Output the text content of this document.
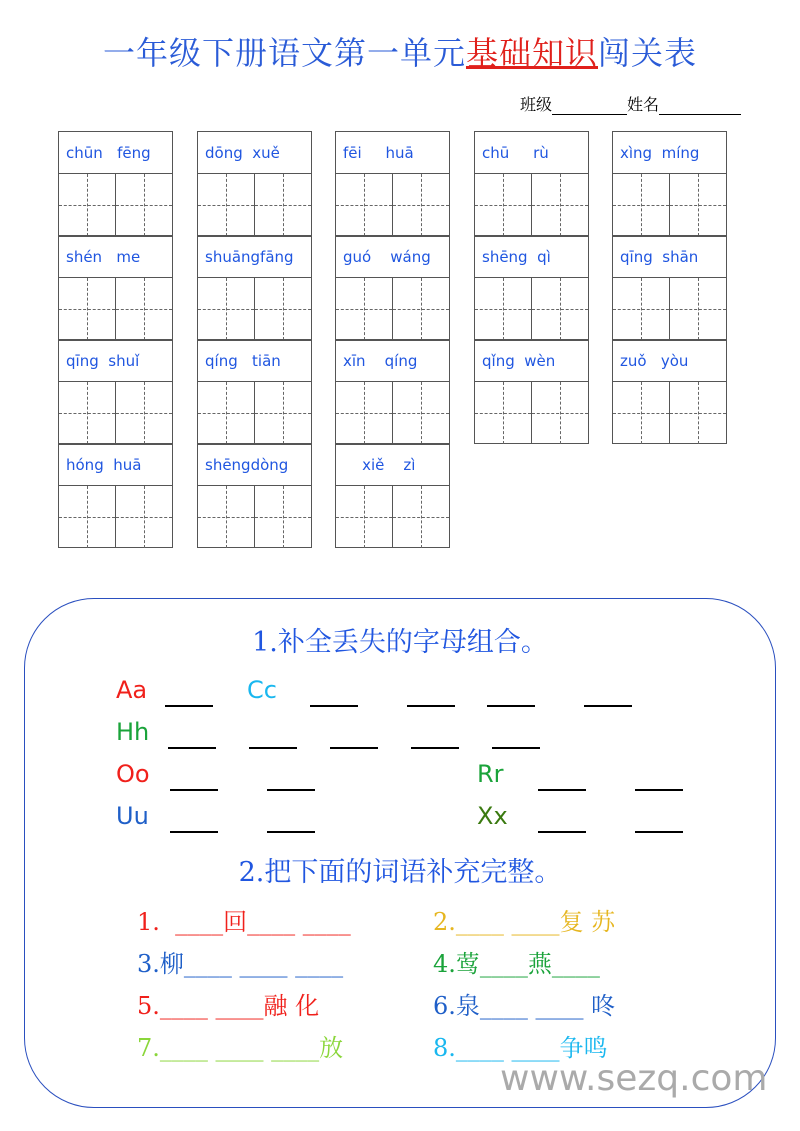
一年级下册语文第一单元基础知识闯关表
班级	姓名
chūn   fēng
shén   me
qīng  shuǐ
hóng  huā
dōng  xuě
shuāngfāng
qíng   tiān
shēngdòng
fēi     huā
guó    wáng
xīn    qíng
xiě    zì
chū     rù
shēng  qì
qǐng  wèn
xìng  míng
qīng  shān
zuǒ   yòu
1.补全丢失的字母组合。
Aa	Cc
Hh
Oo	Rr
Uu	Xx
2.把下面的词语补充完整。
1.  ____回____ ____	2.____ ____复 苏
3.柳____ ____ ____	4.莺____燕____
5.____ ____融 化	6.泉____ ____ 咚
7.____ ____ ____放	8.____ ____争鸣
www.sezq.com
